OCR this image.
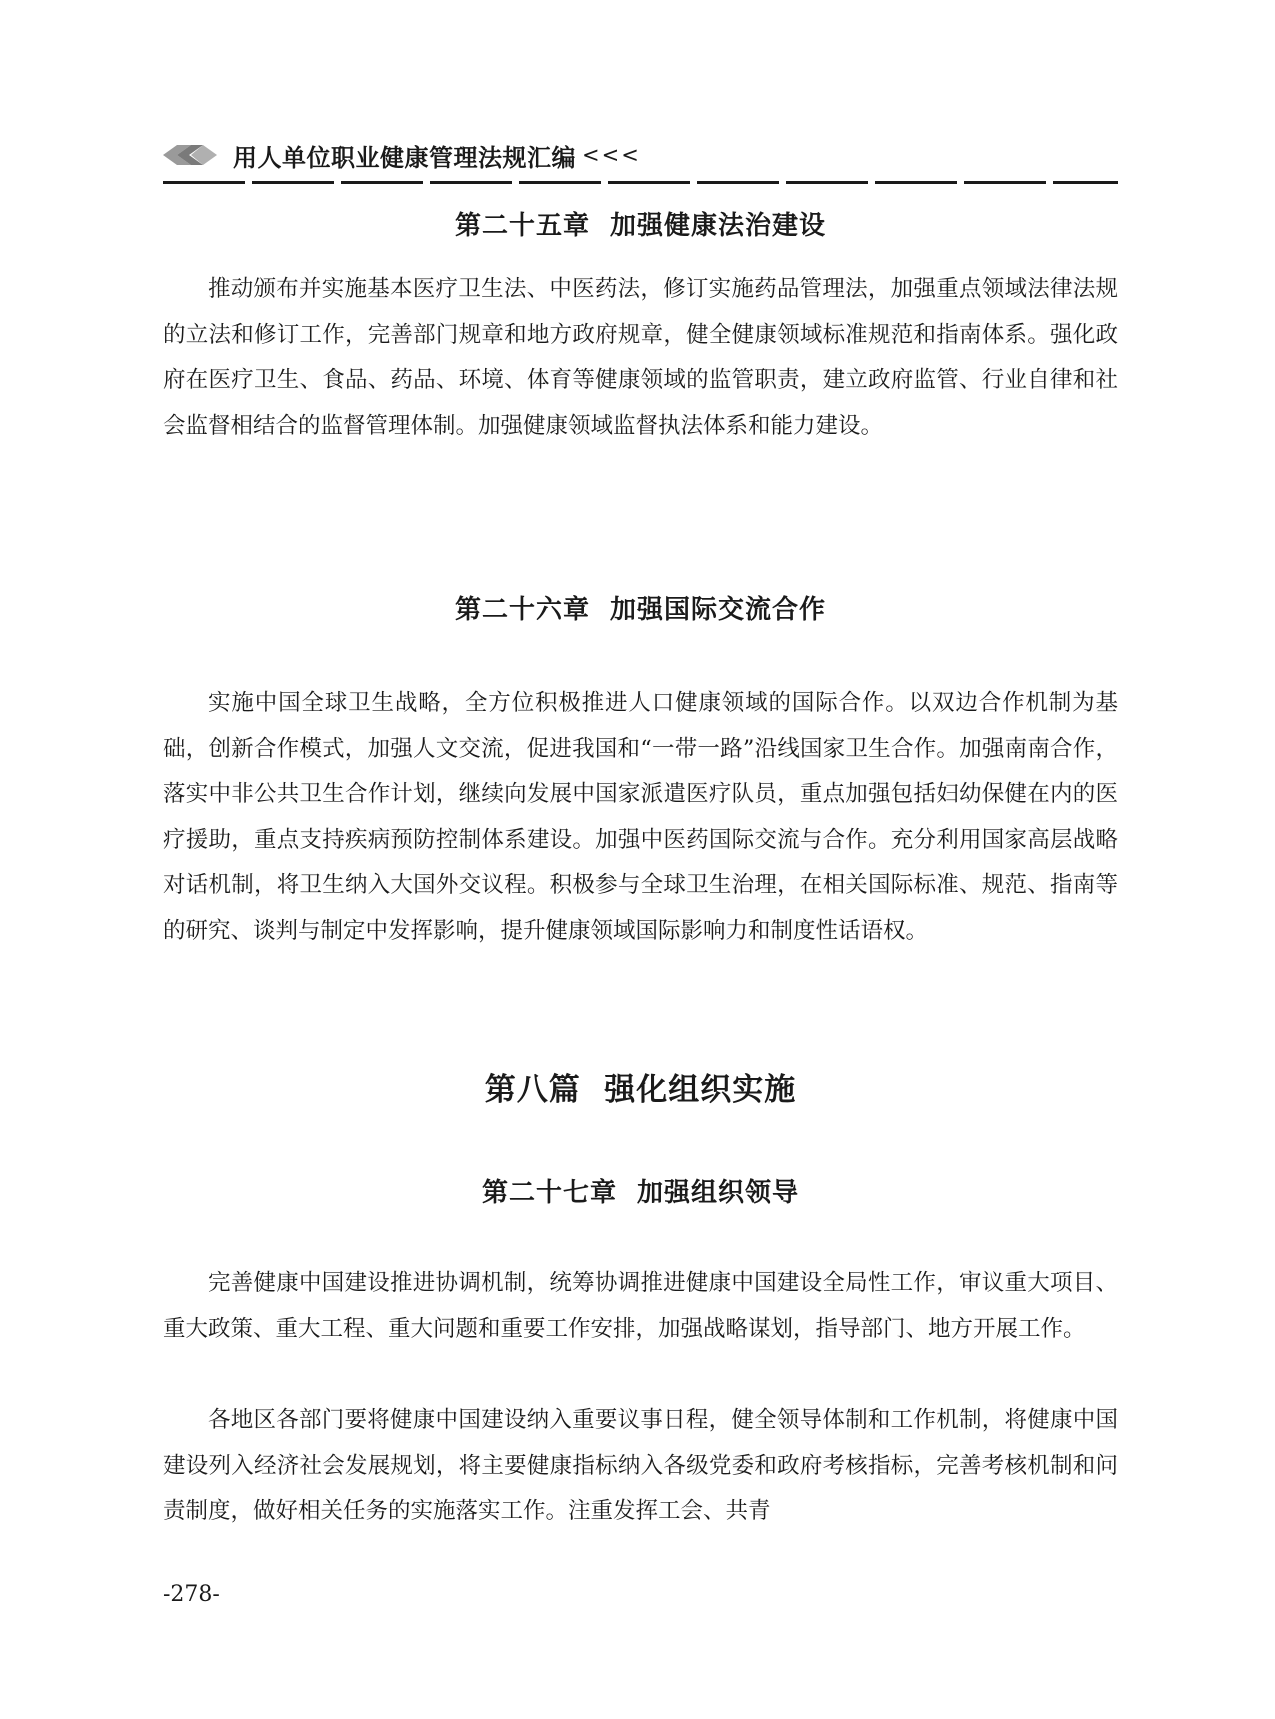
用人单位职业健康管理法规汇编 <<<
第二十五章  加强健康法治建设

推动颁布并实施基本医疗卫生法、中医药法，修订实施药品管理法，加强重点领域法律法规的立法和修订工作，完善部门规章和地方政府规章，健全健康领域标准规范和指南体系。强化政府在医疗卫生、食品、药品、环境、体育等健康领域的监管职责，建立政府监管、行业自律和社会监督相结合的监督管理体制。加强健康领域监督执法体系和能力建设。

第二十六章  加强国际交流合作

实施中国全球卫生战略，全方位积极推进人口健康领域的国际合作。以双边合作机制为基础，创新合作模式，加强人文交流，促进我国和“一带一路”沿线国家卫生合作。加强南南合作，落实中非公共卫生合作计划，继续向发展中国家派遣医疗队员，重点加强包括妇幼保健在内的医疗援助，重点支持疾病预防控制体系建设。加强中医药国际交流与合作。充分利用国家高层战略对话机制，将卫生纳入大国外交议程。积极参与全球卫生治理，在相关国际标准、规范、指南等的研究、谈判与制定中发挥影响，提升健康领域国际影响力和制度性话语权。

第八篇  强化组织实施
第二十七章  加强组织领导

完善健康中国建设推进协调机制，统筹协调推进健康中国建设全局性工作，审议重大项目、重大政策、重大工程、重大问题和重要工作安排，加强战略谋划，指导部门、地方开展工作。

各地区各部门要将健康中国建设纳入重要议事日程，健全领导体制和工作机制，将健康中国建设列入经济社会发展规划，将主要健康指标纳入各级党委和政府考核指标，完善考核机制和问责制度，做好相关任务的实施落实工作。注重发挥工会、共青

-278-
